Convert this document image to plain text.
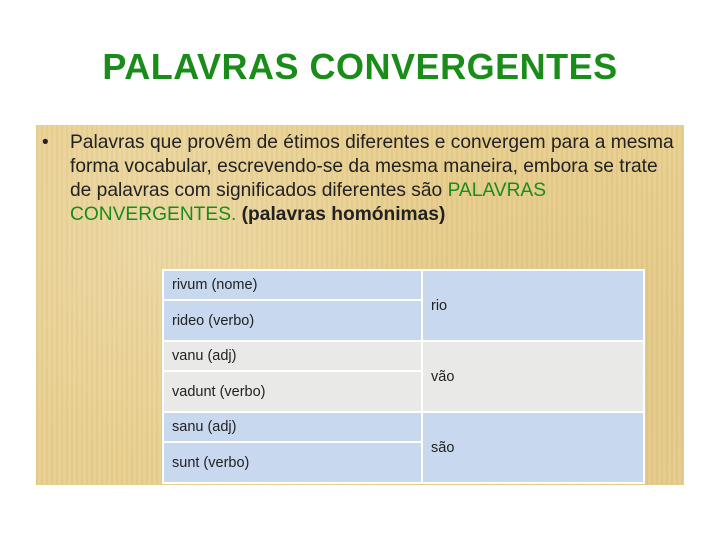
PALAVRAS CONVERGENTES
•	Palavras que provêm de étimos diferentes e convergem para a mesma forma vocabular, escrevendo-se da mesma maneira, embora se trate de palavras com significados diferentes são PALAVRAS CONVERGENTES. (palavras homónimas)
rivum (nome)	rio
rideo (verbo)	
vanu (adj)	vão
vadunt (verbo)	
sanu (adj)	são
sunt (verbo)	
